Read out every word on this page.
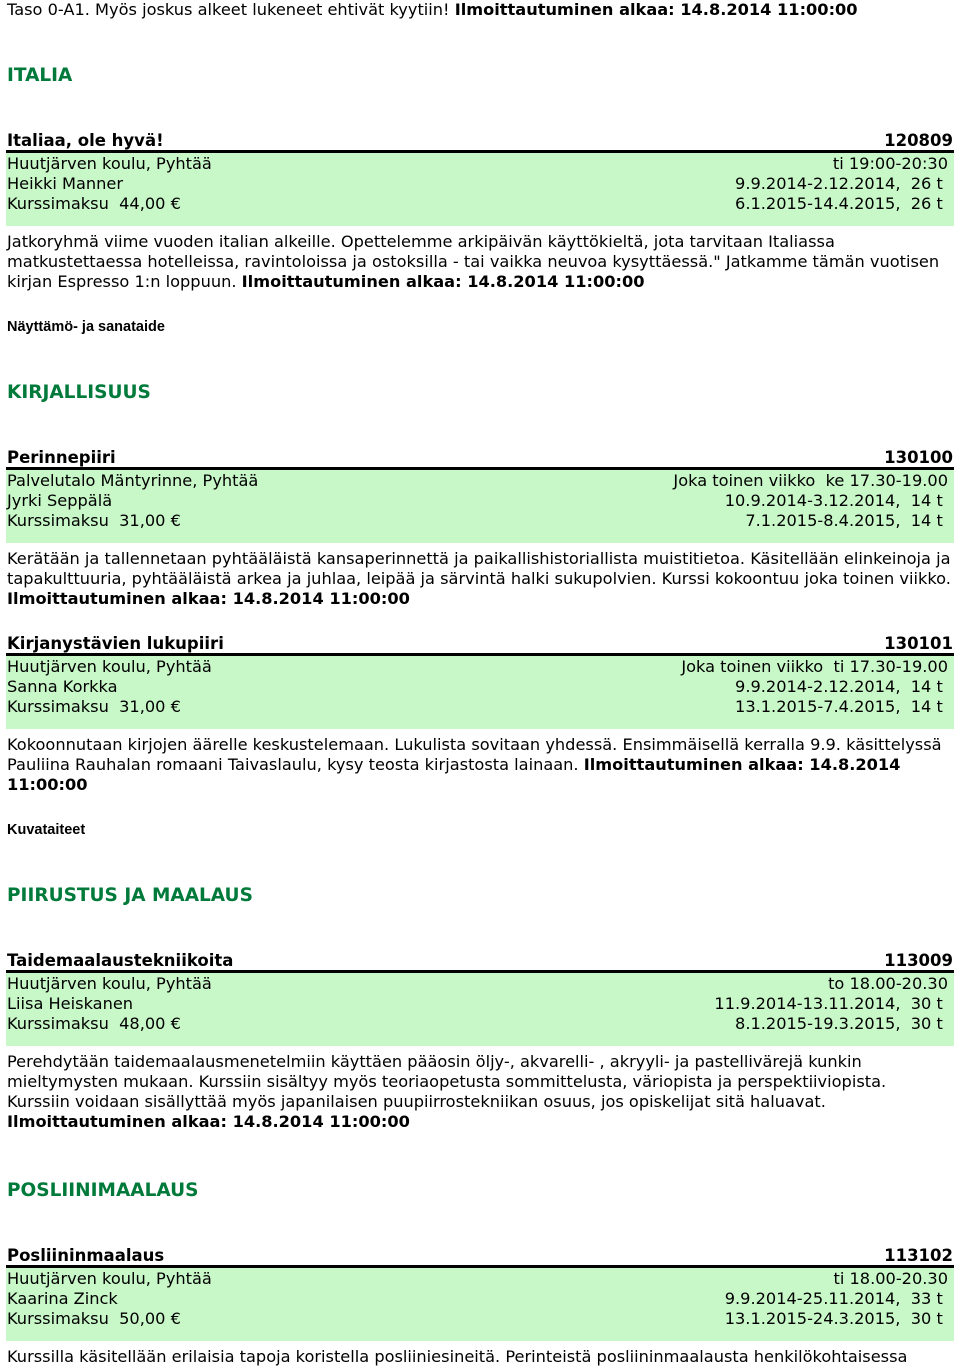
Taso 0-A1. Myös joskus alkeet lukeneet ehtivät kyytiin! Ilmoittautuminen alkaa: 14.8.2014 11:00:00
ITALIA
Italiaa, ole hyvä!	120809
Huutjärven koulu, Pyhtää	ti 19:00-20:30
Heikki Manner	9.9.2014-2.12.2014,  26 t
Kurssimaksu  44,00 €	6.1.2015-14.4.2015,  26 t
Jatkoryhmä viime vuoden italian alkeille. Opettelemme arkipäivän käyttökieltä, jota tarvitaan Italiassa matkustettaessa hotelleissa, ravintoloissa ja ostoksilla - tai vaikka neuvoa kysyttäessä." Jatkamme tämän vuotisen kirjan Espresso 1:n loppuun. Ilmoittautuminen alkaa: 14.8.2014 11:00:00
Näyttämö- ja sanataide
KIRJALLISUUS
Perinnepiiri	130100
Palvelutalo Mäntyrinne, Pyhtää	Joka toinen viikko  ke 17.30-19.00
Jyrki Seppälä	10.9.2014-3.12.2014,  14 t
Kurssimaksu  31,00 €	7.1.2015-8.4.2015,  14 t
Kerätään ja tallennetaan pyhtääläistä kansaperinnettä ja paikallishistoriallista muistitietoa. Käsitellään elinkeinoja ja tapakulttuuria, pyhtääläistä arkea ja juhlaa, leipää ja särvintä halki sukupolvien. Kurssi kokoontuu joka toinen viikko. Ilmoittautuminen alkaa: 14.8.2014 11:00:00
Kirjanystävien lukupiiri	130101
Huutjärven koulu, Pyhtää	Joka toinen viikko  ti 17.30-19.00
Sanna Korkka	9.9.2014-2.12.2014,  14 t
Kurssimaksu  31,00 €	13.1.2015-7.4.2015,  14 t
Kokoonnutaan kirjojen äärelle keskustelemaan. Lukulista sovitaan yhdessä. Ensimmäisellä kerralla 9.9. käsittelyssä Pauliina Rauhalan romaani Taivaslaulu, kysy teosta kirjastosta lainaan. Ilmoittautuminen alkaa: 14.8.2014 11:00:00
Kuvataiteet
PIIRUSTUS JA MAALAUS
Taidemaalaustekniikoita	113009
Huutjärven koulu, Pyhtää	to 18.00-20.30
Liisa Heiskanen	11.9.2014-13.11.2014,  30 t
Kurssimaksu  48,00 €	8.1.2015-19.3.2015,  30 t
Perehdytään taidemaalausmenetelmiin käyttäen pääosin öljy-, akvarelli- , akryyli- ja pastellivärejä kunkin mieltymysten mukaan. Kurssiin sisältyy myös teoriaopetusta sommittelusta, väriopista ja perspektiiviopista. Kurssiin voidaan sisällyttää myös japanilaisen puupiirrostekniikan osuus, jos opiskelijat sitä haluavat. Ilmoittautuminen alkaa: 14.8.2014 11:00:00
POSLIINIMAALAUS
Posliininmaalaus	113102
Huutjärven koulu, Pyhtää	ti 18.00-20.30
Kaarina Zinck	9.9.2014-25.11.2014,  33 t
Kurssimaksu  50,00 €	13.1.2015-24.3.2015,  30 t
Kurssilla käsitellään erilaisia tapoja koristella posliiniesineitä. Perinteistä posliininmaalausta henkilökohtaisessa
